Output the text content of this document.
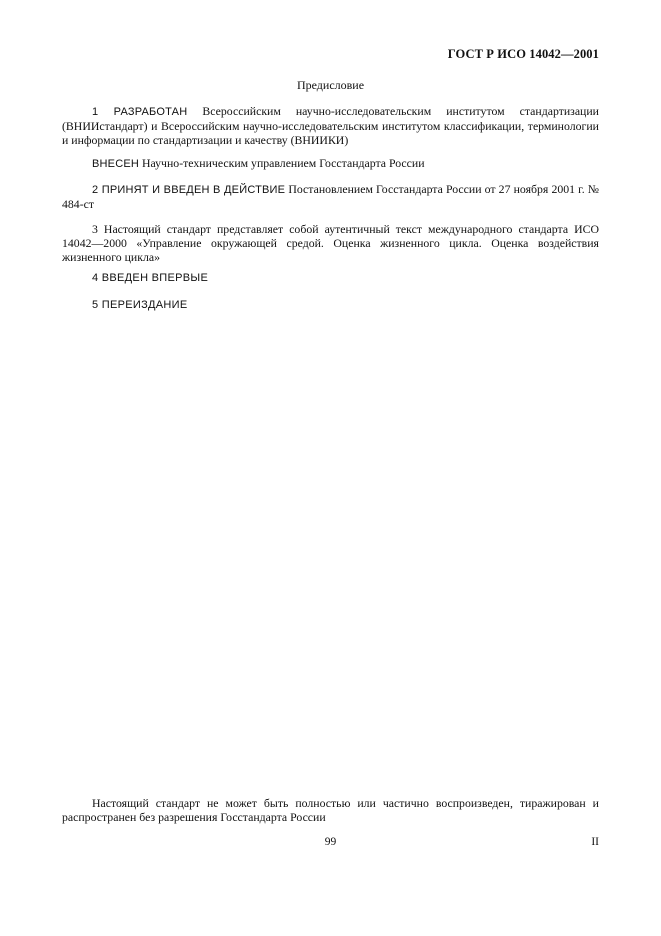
ГОСТ Р ИСО 14042—2001
Предисловие

1 РАЗРАБОТАН Всероссийским научно-исследовательским институтом стандартизации (ВНИИстандарт) и Всероссийским научно-исследовательским институтом классификации, терминологии и информации по стандартизации и качеству (ВНИИКИ)

ВНЕСЕН Научно-техническим управлением Госстандарта России

2 ПРИНЯТ И ВВЕДЕН В ДЕЙСТВИЕ Постановлением Госстандарта России от 27 ноября 2001 г. № 484-ст

3 Настоящий стандарт представляет собой аутентичный текст международного стандарта ИСО 14042—2000 «Управление окружающей средой. Оценка жизненного цикла. Оценка воздействия жизненного цикла»

4 ВВЕДЕН ВПЕРВЫЕ
5 ПЕРЕИЗДАНИЕ

Настоящий стандарт не может быть полностью или частично воспроизведен, тиражирован и распространен без разрешения Госстандарта России

99	II
